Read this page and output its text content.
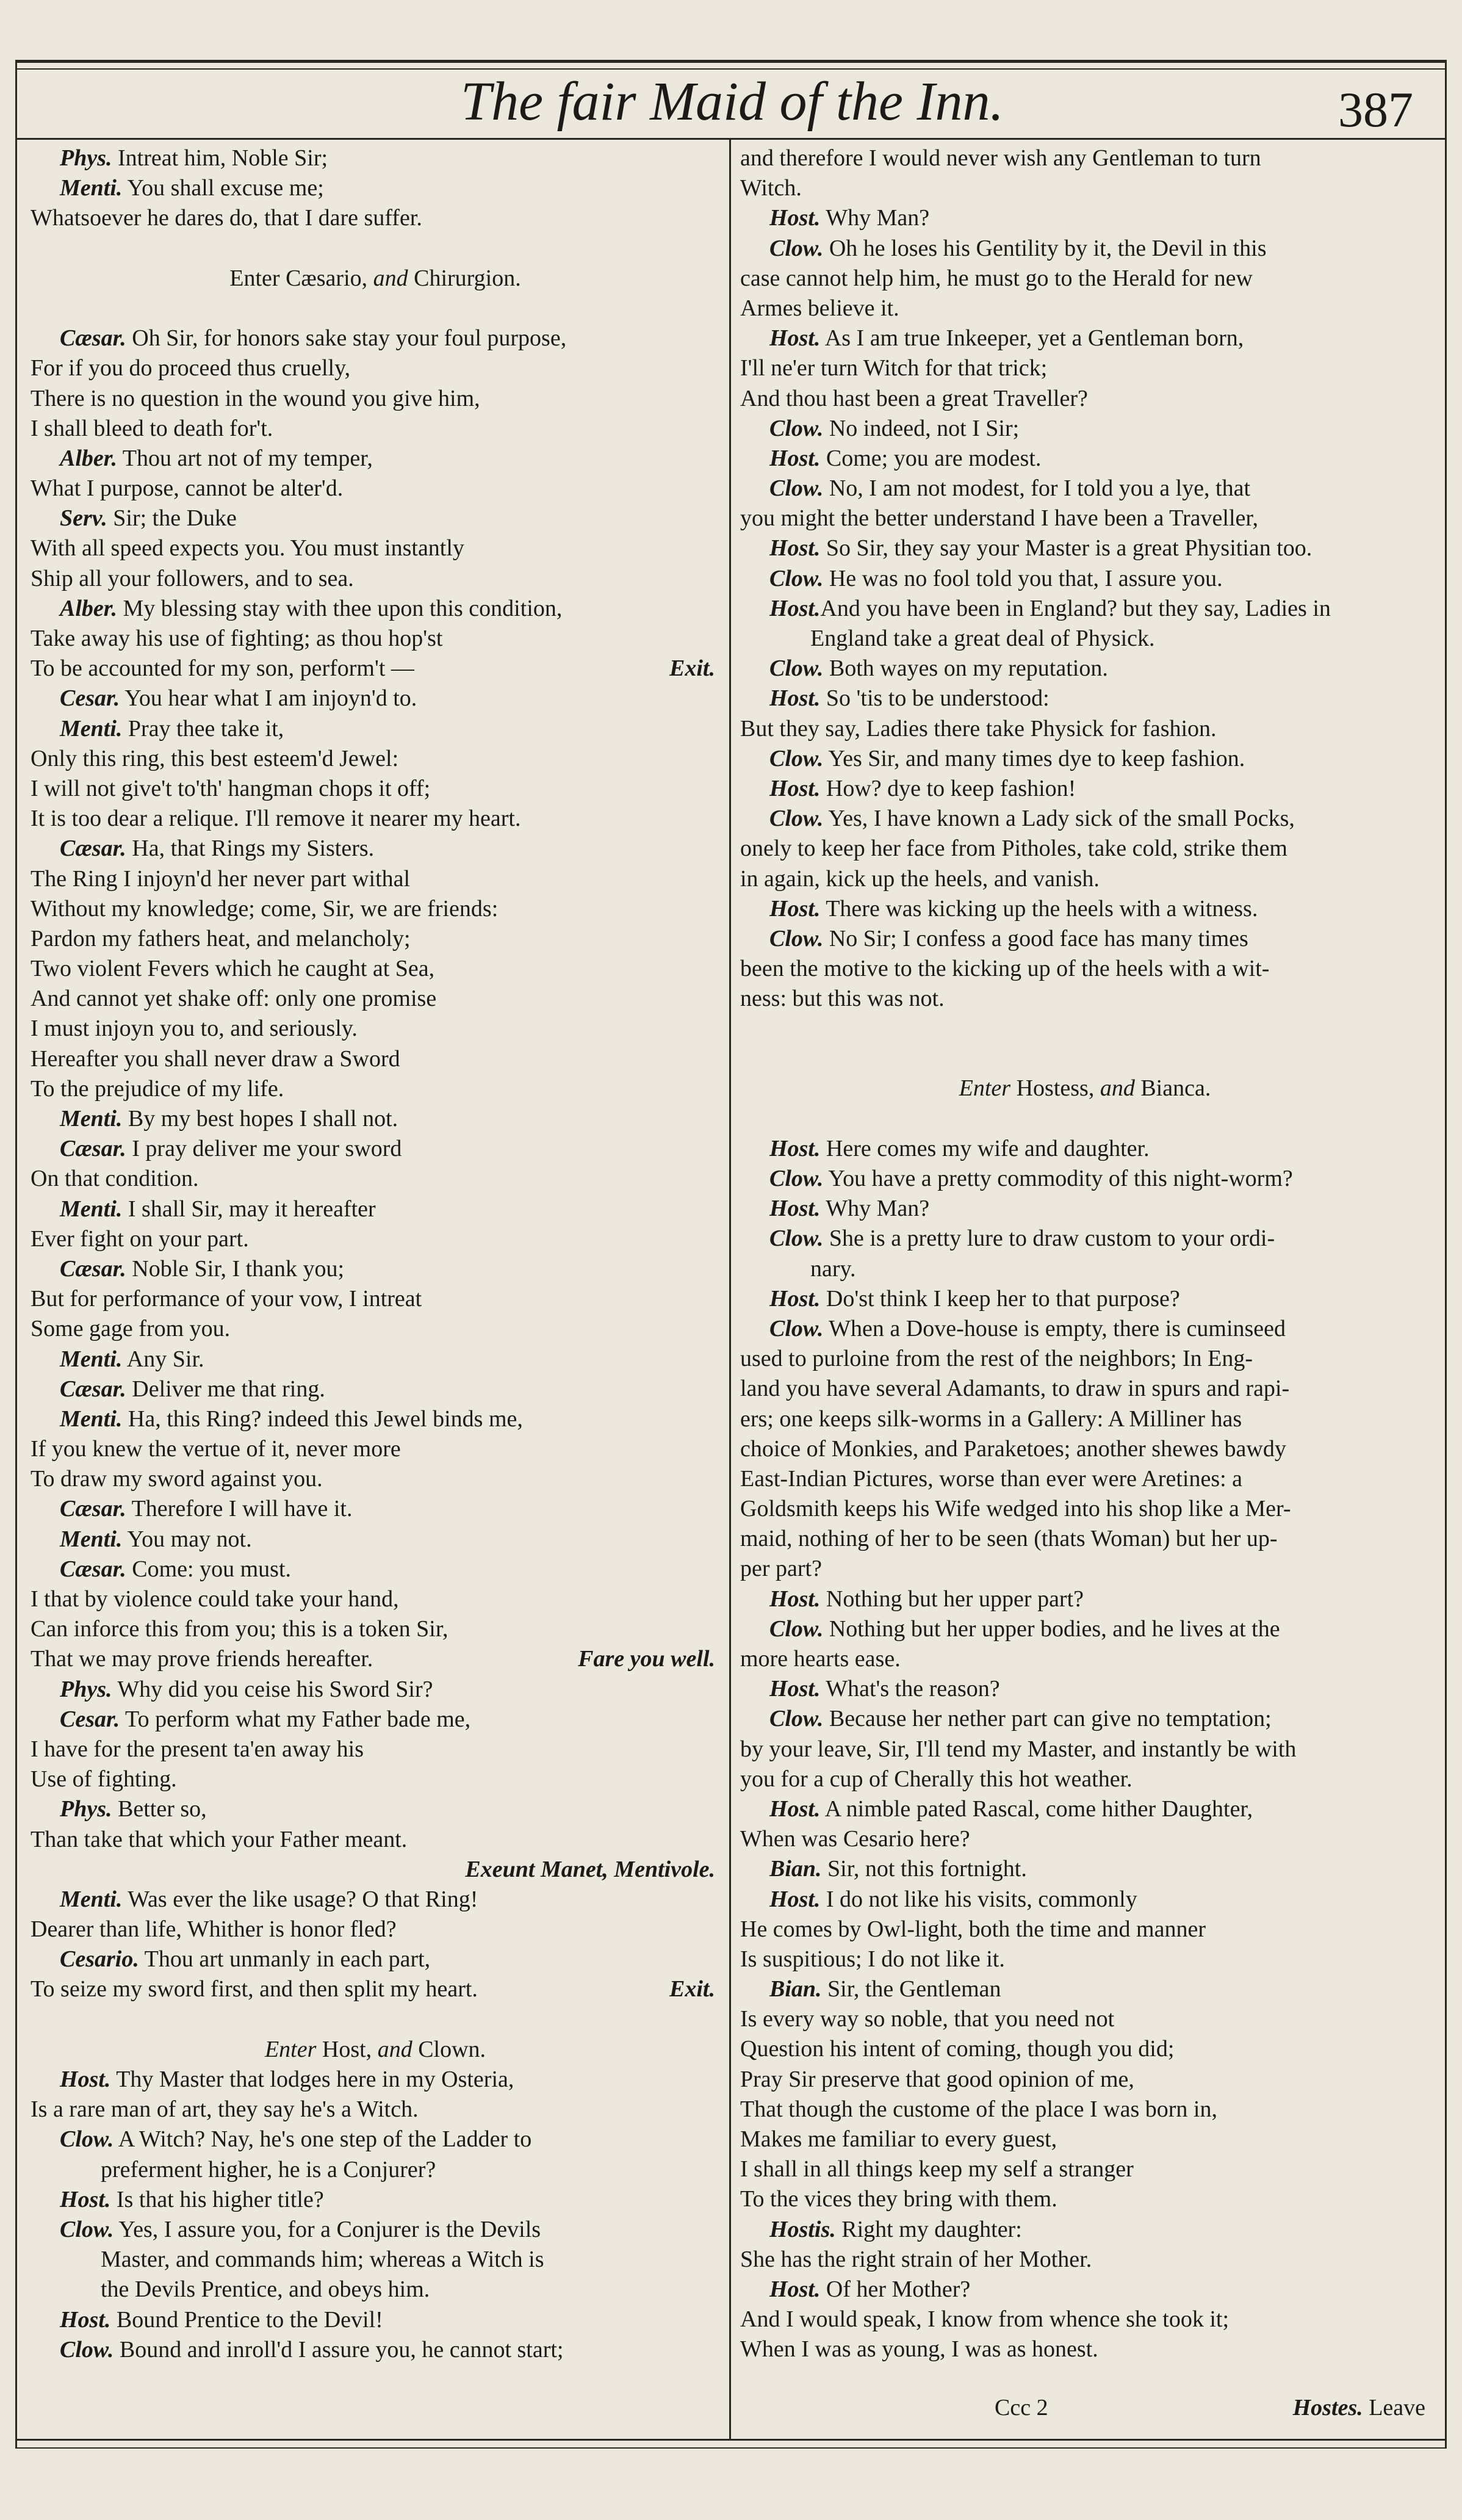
The fair Maid of the Inn.	387
Phys. Intreat him, Noble Sir;
Menti. You shall excuse me;
Whatsoever he dares do, that I dare suffer.
Enter Cæsario, and Chirurgion.
Cæsar. Oh Sir, for honors sake stay your foul purpose,
For if you do proceed thus cruelly,
There is no question in the wound you give him,
I shall bleed to death for't.
Alber. Thou art not of my temper,
What I purpose, cannot be alter'd.
Serv. Sir; the Duke
With all speed expects you. You must instantly
Ship all your followers, and to sea.
Alber. My blessing stay with thee upon this condition,
Take away his use of fighting; as thou hop'st
Exit.
To be accounted for my son, perform't —
Cesar. You hear what I am injoyn'd to.
Menti. Pray thee take it,
Only this ring, this best esteem'd Jewel:
I will not give't to'th' hangman chops it off;
It is too dear a relique. I'll remove it nearer my heart.
Cæsar. Ha, that Rings my Sisters.
The Ring I injoyn'd her never part withal
Without my knowledge; come, Sir, we are friends:
Pardon my fathers heat, and melancholy;
Two violent Fevers which he caught at Sea,
And cannot yet shake off: only one promise
I must injoyn you to, and seriously.
Hereafter you shall never draw a Sword
To the prejudice of my life.
Menti. By my best hopes I shall not.
Cæsar. I pray deliver me your sword
On that condition.
Menti. I shall Sir, may it hereafter
Ever fight on your part.
Cæsar. Noble Sir, I thank you;
But for performance of your vow, I intreat
Some gage from you.
Menti. Any Sir.
Cæsar. Deliver me that ring.
Menti. Ha, this Ring? indeed this Jewel binds me,
If you knew the vertue of it, never more
To draw my sword against you.
Cæsar. Therefore I will have it.
Menti. You may not.
Cæsar. Come: you must.
I that by violence could take your hand,
Can inforce this from you; this is a token Sir,
Fare you well.
That we may prove friends hereafter.
Phys. Why did you ceise his Sword Sir?
Cesar. To perform what my Father bade me,
I have for the present ta'en away his
Use of fighting.
Phys. Better so,
Than take that which your Father meant.
Exeunt Manet, Mentivole.
Menti. Was ever the like usage? O that Ring!
Dearer than life, Whither is honor fled?
Cesario. Thou art unmanly in each part,
Exit.
To seize my sword first, and then split my heart.
Enter Host, and Clown.
Host. Thy Master that lodges here in my Osteria,
Is a rare man of art, they say he's a Witch.
Clow. A Witch? Nay, he's one step of the Ladder to
preferment higher, he is a Conjurer?
Host. Is that his higher title?
Clow. Yes, I assure you, for a Conjurer is the Devils
Master, and commands him; whereas a Witch is
the Devils Prentice, and obeys him.
Host. Bound Prentice to the Devil!
Clow. Bound and inroll'd I assure you, he cannot start;
and therefore I would never wish any Gentleman to turn
Witch.
Host. Why Man?
Clow. Oh he loses his Gentility by it, the Devil in this
case cannot help him, he must go to the Herald for new
Armes believe it.
Host. As I am true Inkeeper, yet a Gentleman born,
I'll ne'er turn Witch for that trick;
And thou hast been a great Traveller?
Clow. No indeed, not I Sir;
Host. Come; you are modest.
Clow. No, I am not modest, for I told you a lye, that
you might the better understand I have been a Traveller,
Host. So Sir, they say your Master is a great Physitian too.
Clow. He was no fool told you that, I assure you.
Host.And you have been in England? but they say, Ladies in
England take a great deal of Physick.
Clow. Both wayes on my reputation.
Host. So 'tis to be understood:
But they say, Ladies there take Physick for fashion.
Clow. Yes Sir, and many times dye to keep fashion.
Host. How? dye to keep fashion!
Clow. Yes, I have known a Lady sick of the small Pocks,
onely to keep her face from Pitholes, take cold, strike them
in again, kick up the heels, and vanish.
Host. There was kicking up the heels with a witness.
Clow. No Sir; I confess a good face has many times
been the motive to the kicking up of the heels with a wit-
ness: but this was not.
Enter Hostess, and Bianca.
Host. Here comes my wife and daughter.
Clow. You have a pretty commodity of this night-worm?
Host. Why Man?
Clow. She is a pretty lure to draw custom to your ordi-
nary.
Host. Do'st think I keep her to that purpose?
Clow. When a Dove-house is empty, there is cuminseed
used to purloine from the rest of the neighbors; In Eng-
land you have several Adamants, to draw in spurs and rapi-
ers; one keeps silk-worms in a Gallery: A Milliner has
choice of Monkies, and Paraketoes; another shewes bawdy
East-Indian Pictures, worse than ever were Aretines: a
Goldsmith keeps his Wife wedged into his shop like a Mer-
maid, nothing of her to be seen (thats Woman) but her up-
per part?
Host. Nothing but her upper part?
Clow. Nothing but her upper bodies, and he lives at the
more hearts ease.
Host. What's the reason?
Clow. Because her nether part can give no temptation;
by your leave, Sir, I'll tend my Master, and instantly be with
you for a cup of Cherally this hot weather.
Host. A nimble pated Rascal, come hither Daughter,
When was Cesario here?
Bian. Sir, not this fortnight.
Host. I do not like his visits, commonly
He comes by Owl-light, both the time and manner
Is suspitious; I do not like it.
Bian. Sir, the Gentleman
Is every way so noble, that you need not
Question his intent of coming, though you did;
Pray Sir preserve that good opinion of me,
That though the custome of the place I was born in,
Makes me familiar to every guest,
I shall in all things keep my self a stranger
To the vices they bring with them.
Hostis. Right my daughter:
She has the right strain of her Mother.
Host. Of her Mother?
And I would speak, I know from whence she took it;
When I was as young, I was as honest.
Ccc 2	Hostes. Leave
